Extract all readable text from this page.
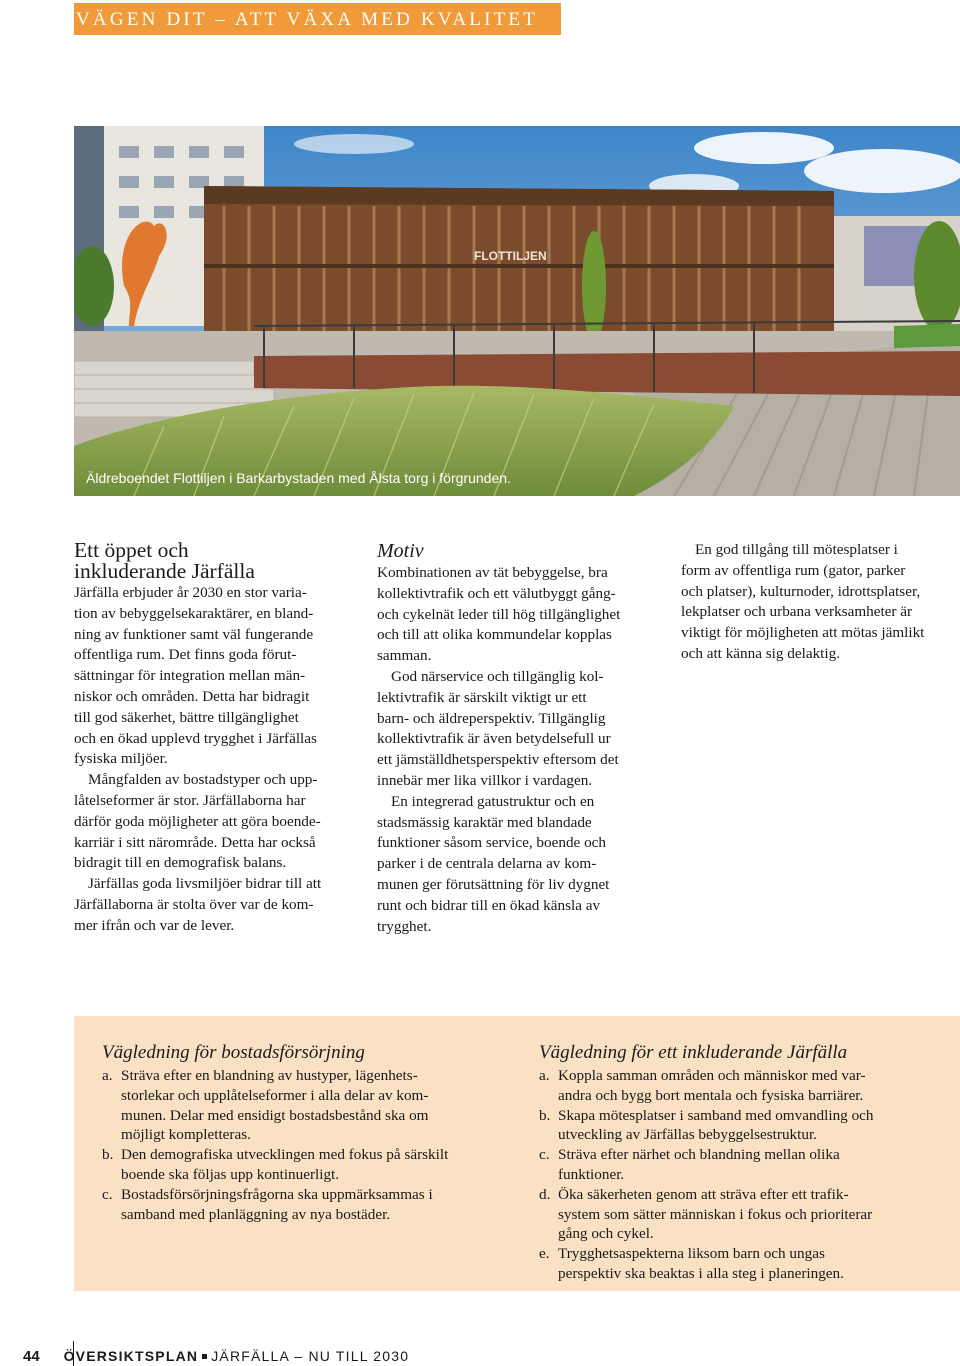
VÄGEN DIT – ATT VÄXA MED KVALITET
FLOTTILJEN
Äldreboendet Flottiljen i Barkarbystaden med Ålsta torg i förgrunden.
Ett öppet och
inkluderande Järfälla

Järfälla erbjuder år 2030 en stor varia-
tion av bebyggelsekaraktärer, en bland-
ning av funktioner samt väl fungerande
offentliga rum. Det finns goda förut-
sättningar för integration mellan män-
niskor och områden. Detta har bidragit
till god säkerhet, bättre tillgänglighet
och en ökad upplevd trygghet i Järfällas
fysiska miljöer.

Mångfalden av bostadstyper och upp-
låtelseformer är stor. Järfällaborna har
därför goda möjligheter att göra boende-
karriär i sitt närområde. Detta har också
bidragit till en demografisk balans.

Järfällas goda livsmiljöer bidrar till att
Järfällaborna är stolta över var de kom-
mer ifrån och var de lever.

Motiv

Kombinationen av tät bebyggelse, bra
kollektivtrafik och ett välutbyggt gång-
och cykelnät leder till hög tillgänglighet
och till att olika kommundelar kopplas
samman.

God närservice och tillgänglig kol-
lektivtrafik är särskilt viktigt ur ett
barn- och äldreperspektiv. Tillgänglig
kollektivtrafik är även betydelsefull ur
ett jämställdhetsperspektiv eftersom det
innebär mer lika villkor i vardagen.

En integrerad gatustruktur och en
stadsmässig karaktär med blandade
funktioner såsom service, boende och
parker i de centrala delarna av kom-
munen ger förutsättning för liv dygnet
runt och bidrar till en ökad känsla av
trygghet.

En god tillgång till mötesplatser i
form av offentliga rum (gator, parker
och platser), kulturnoder, idrottsplatser,
lekplatser och urbana verksamheter är
viktigt för möjligheten att mötas jämlikt
och att känna sig delaktig.

Vägledning för bostadsförsörjning
a. Sträva efter en blandning av hustyper, lägenhets-
storlekar och upplåtelseformer i alla delar av kom-
munen. Delar med ensidigt bostadsbestånd ska om
möjligt kompletteras.
b. Den demografiska utvecklingen med fokus på särskilt
boende ska följas upp kontinuerligt.
c. Bostadsförsörjningsfrågorna ska uppmärksammas i
samband med planläggning av nya bostäder.
Vägledning för ett inkluderande Järfälla
a. Koppla samman områden och människor med var-
andra och bygg bort mentala och fysiska barriärer.
b. Skapa mötesplatser i samband med omvandling och
utveckling av Järfällas bebyggelsestruktur.
c. Sträva efter närhet och blandning mellan olika
funktioner.
d. Öka säkerheten genom att sträva efter ett trafik-
system som sätter människan i fokus och prioriterar
gång och cykel.
e. Trygghetsaspekterna liksom barn och ungas
perspektiv ska beaktas i alla steg i planeringen.
44 ÖVERSIKTSPLAN JÄRFÄLLA – NU TILL 2030
